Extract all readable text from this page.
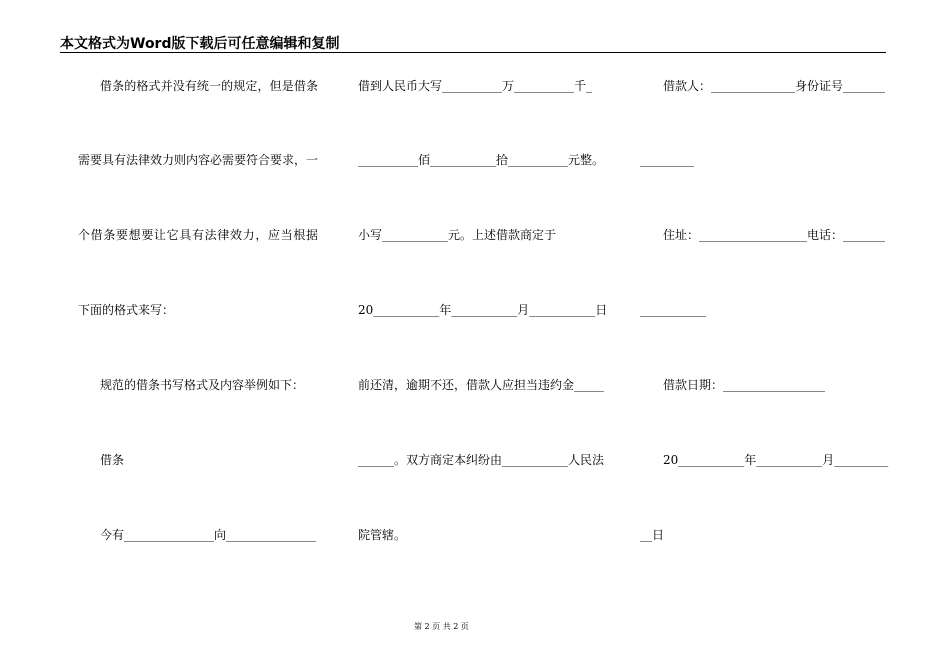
本文格式为Word版下载后可任意编辑和复制
借条的格式并没有统一的规定，但是借条
需要具有法律效力则内容必需要符合要求，一
个借条要想要让它具有法律效力，应当根据
下面的格式来写：
规范的借条书写格式及内容举例如下：
借条
今有_______________向_______________
借到人民币大写__________万__________千_
__________佰___________拾__________元整。
小写___________元。上述借款商定于
20___________年___________月___________日
前还清，逾期不还，借款人应担当违约金_____
______。双方商定本纠纷由___________人民法
院管辖。
借款人：______________身份证号_______
_________
住址：__________________电话：_______
___________
借款日期：_________________
20___________年___________月_________
__日
第 2 页 共 2 页
